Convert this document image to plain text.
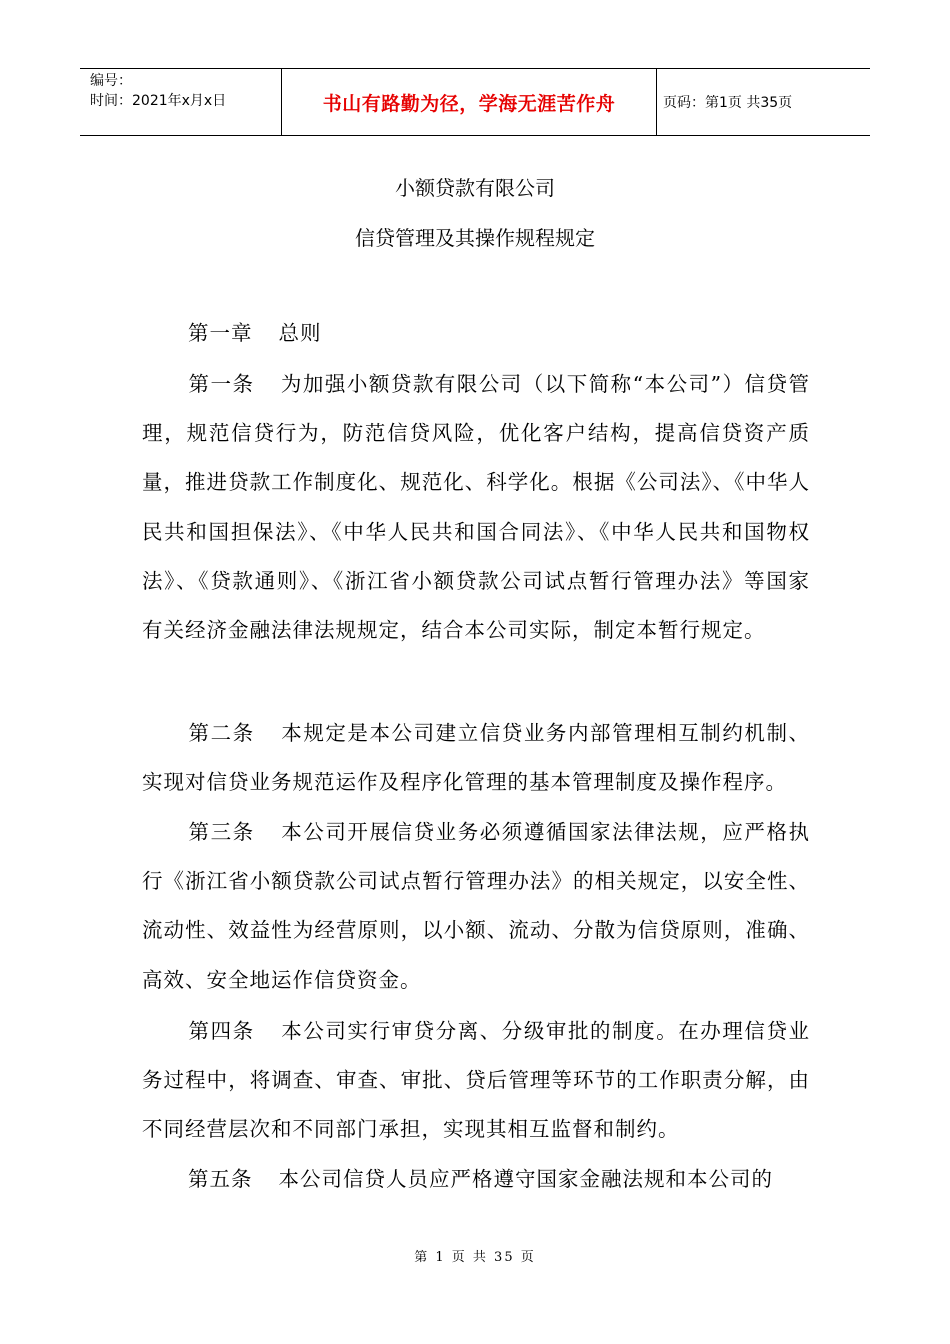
编号：
时间：2021年x月x日	书山有路勤为径，学海无涯苦作舟	页码：第1页 共35页
小额贷款有限公司
信贷管理及其操作规程规定

第一章 总则

第一条 为加强小额贷款有限公司（以下简称“本公司”）信贷管理，规范信贷行为，防范信贷风险，优化客户结构，提高信贷资产质量，推进贷款工作制度化、规范化、科学化。根据《公司法》、《中华人民共和国担保法》、《中华人民共和国合同法》、《中华人民共和国物权法》、《贷款通则》、《浙江省小额贷款公司试点暂行管理办法》等国家有关经济金融法律法规规定，结合本公司实际，制定本暂行规定。

第二条 本规定是本公司建立信贷业务内部管理相互制约机制、实现对信贷业务规范运作及程序化管理的基本管理制度及操作程序。

第三条 本公司开展信贷业务必须遵循国家法律法规，应严格执行《浙江省小额贷款公司试点暂行管理办法》的相关规定，以安全性、流动性、效益性为经营原则，以小额、流动、分散为信贷原则，准确、高效、安全地运作信贷资金。

第四条 本公司实行审贷分离、分级审批的制度。在办理信贷业务过程中，将调查、审查、审批、贷后管理等环节的工作职责分解，由不同经营层次和不同部门承担，实现其相互监督和制约。

第五条 本公司信贷人员应严格遵守国家金融法规和本公司的

第 1 页 共 35 页
